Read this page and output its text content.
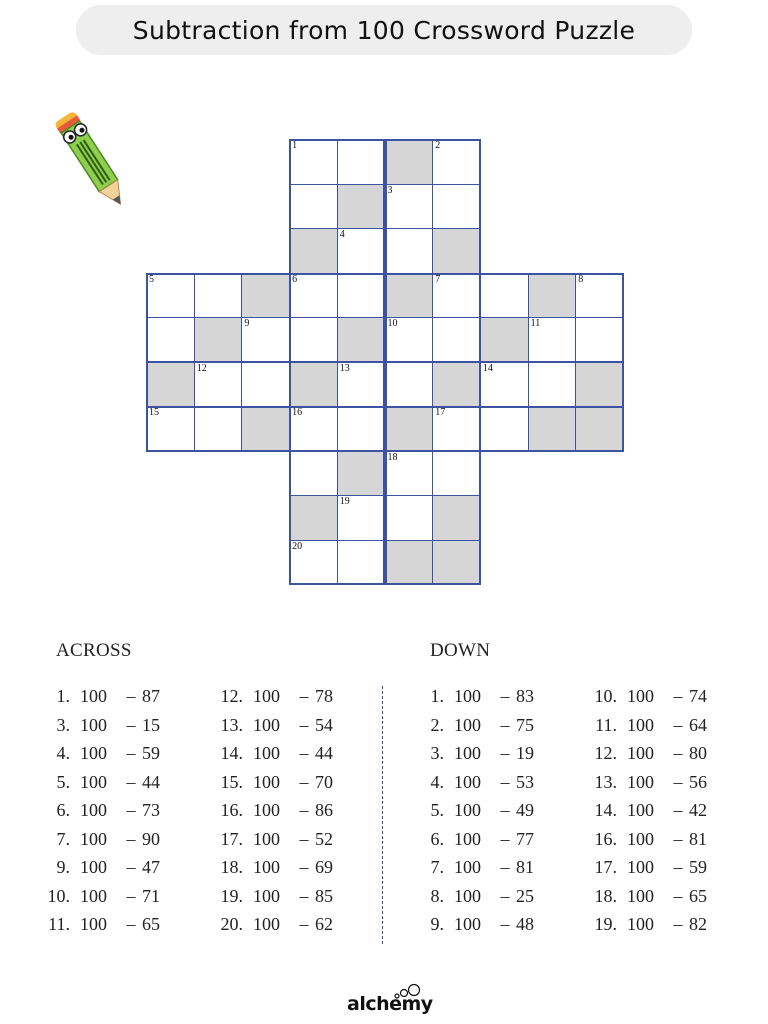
Subtraction from 100 Crossword Puzzle
1	2
3
4
5	6	7	8
9	10	11
12	13	14
15	16	17
18
19
20
ACROSS	DOWN
1. 100 – 87
3. 100 – 15
4. 100 – 59
5. 100 – 44
6. 100 – 73
7. 100 – 90
9. 100 – 47
10. 100 – 71
11. 100 – 65
12. 100 – 78
13. 100 – 54
14. 100 – 44
15. 100 – 70
16. 100 – 86
17. 100 – 52
18. 100 – 69
19. 100 – 85
20. 100 – 62
1. 100 – 83
2. 100 – 75
3. 100 – 19
4. 100 – 53
5. 100 – 49
6. 100 – 77
7. 100 – 81
8. 100 – 25
9. 100 – 48
10. 100 – 74
11. 100 – 64
12. 100 – 80
13. 100 – 56
14. 100 – 42
16. 100 – 81
17. 100 – 59
18. 100 – 65
19. 100 – 82
alchemy
